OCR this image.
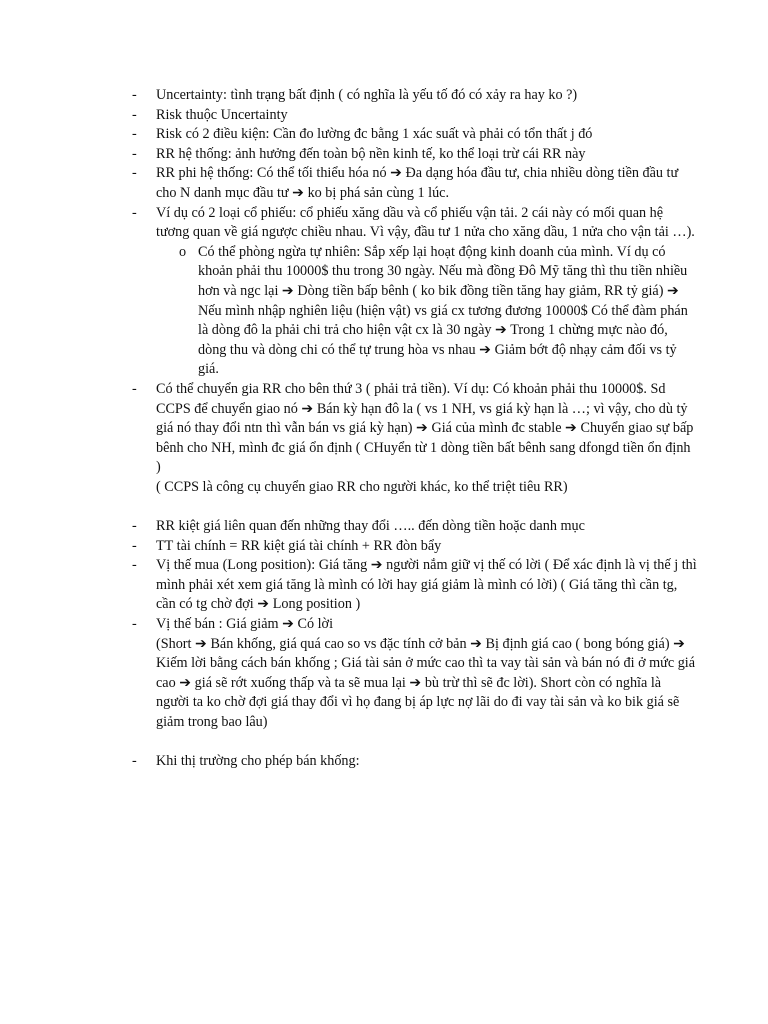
- Uncertainty: tình trạng bất định ( có nghĩa là yếu tố đó có xảy ra hay ko ?)
- Risk thuộc Uncertainty
- Risk có 2 điều kiện: Cần đo lường đc bằng 1 xác suất và phải có tổn thất j đó
- RR hệ thống: ảnh hưởng đến toàn bộ nền kinh tế, ko thể loại trừ cái RR này
- RR phi hệ thống: Có thể tối thiểu hóa nó ➔ Đa dạng hóa đầu tư, chia nhiều dòng tiền đầu tư cho N danh mục đầu tư ➔ ko bị phá sản cùng 1 lúc.
- Ví dụ có 2 loại cổ phiếu: cổ phiếu xăng dầu và cổ phiếu vận tải. 2 cái này có mối quan hệ tương quan về giá ngược chiều nhau. Vì vậy, đầu tư 1 nửa cho xăng dầu, 1 nửa cho vận tải …).
o Có thể phòng ngừa tự nhiên: Sắp xếp lại hoạt động kinh doanh của mình. Ví dụ có khoản phải thu 10000$ thu trong 30 ngày. Nếu mà đồng Đô Mỹ tăng thì thu tiền nhiều hơn và ngc lại ➔ Dòng tiền bấp bênh ( ko bik đồng tiền tăng hay giảm, RR tỷ giá) ➔ Nếu mình nhập nghiên liệu (hiện vật) vs giá cx tương đương 10000$ Có thể đàm phán là dòng đô la phải chi trả cho hiện vật cx là 30 ngày ➔ Trong 1 chừng mực nào đó, dòng thu và dòng chi có thể tự trung hòa vs nhau ➔ Giảm bớt độ nhạy cảm đối vs tỷ giá.
- Có thể chuyển gia RR cho bên thứ 3 ( phải trả tiền). Ví dụ: Có khoản phải thu 10000$. Sd CCPS để chuyển giao nó ➔ Bán kỳ hạn đô la ( vs 1 NH, vs giá kỳ hạn là …; vì vậy, cho dù tỷ giá nó thay đổi ntn thì vẫn bán vs giá kỳ hạn) ➔ Giá của mình đc stable ➔ Chuyển giao sự bấp bênh cho NH, mình đc giá ổn định ( CHuyển từ 1 dòng tiền bất bênh sang dfongd tiền ổn định )
( CCPS là công cụ chuyển giao RR cho người khác, ko thể triệt tiêu RR)
- RR kiệt giá liên quan đến những thay đổi ….. đến dòng tiền hoặc danh mục
- TT tài chính = RR kiệt giá tài chính + RR đòn bẩy
- Vị thế mua (Long position): Giá tăng ➔ người nắm giữ vị thế có lời ( Để xác định là vị thế j thì mình phải xét xem giá tăng là mình có lời hay giá giảm là mình có lời) ( Giá tăng thì cần tg, cần có tg chờ đợi ➔ Long position )
- Vị thế bán : Giá giảm ➔ Có lời
(Short ➔ Bán khống, giá quá cao so vs đặc tính cở bản ➔ Bị định giá cao ( bong bóng giá) ➔ Kiếm lời bằng cách bán khống ; Giá tài sản ở mức cao thì ta vay tài sản và bán nó đi ở mức giá cao ➔ giá sẽ rớt xuống thấp và ta sẽ mua lại ➔ bù trừ thì sẽ đc lời). Short còn có nghĩa là người ta ko chờ đợi giá thay đổi vì họ đang bị áp lực nợ lãi do đi vay tài sản và ko bik giá sẽ giảm trong bao lâu)
- Khi thị trường cho phép bán khống:
